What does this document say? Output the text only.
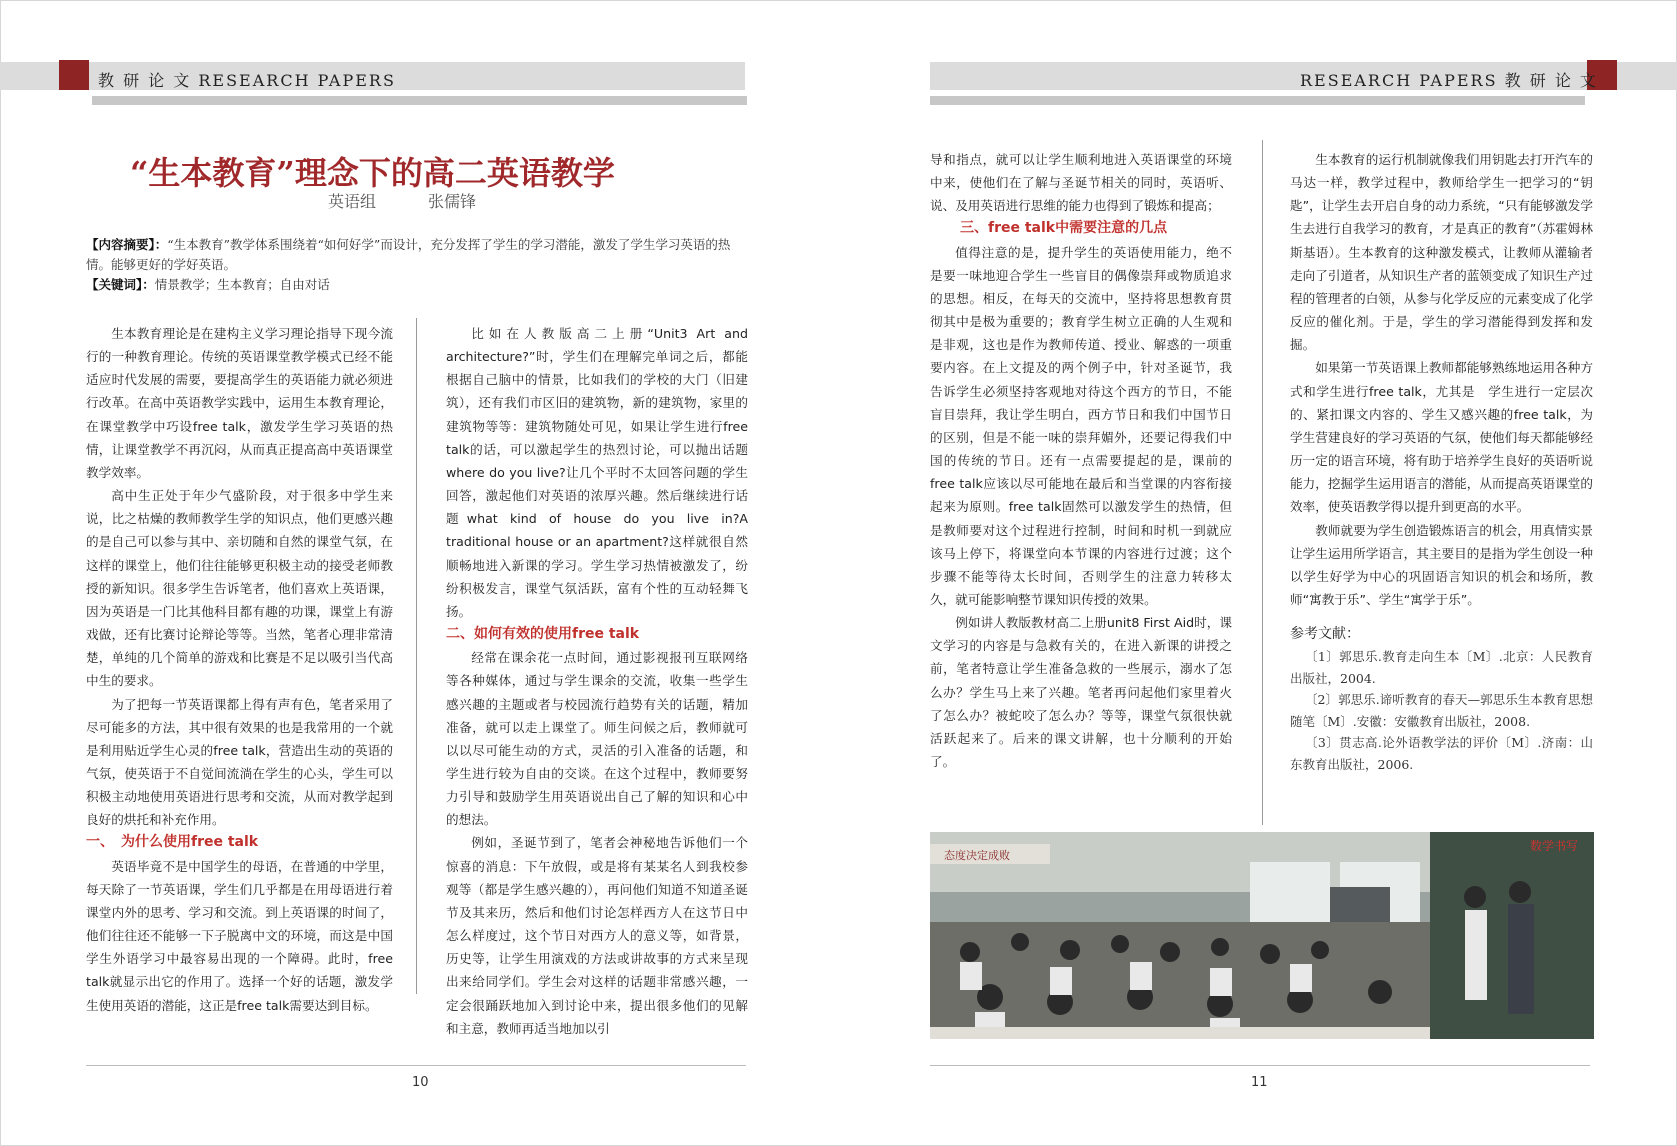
教 研 论 文 RESEARCH PAPERS	RESEARCH PAPERS 教 研 论 文
“生本教育”理念下的高二英语教学
英语组	张儒锋

【内容摘要】：“生本教育”教学体系围绕着“如何好学”而设计，充分发挥了学生的学习潜能，激发了学生学习英语的热情。能够更好的学好英语。

【关键词】：情景教学；生本教育；自由对话

生本教育理论是在建构主义学习理论指导下现今流行的一种教育理论。传统的英语课堂教学模式已经不能适应时代发展的需要，要提高学生的英语能力就必须进行改革。在高中英语教学实践中，运用生本教育理论，在课堂教学中巧设free talk，激发学生学习英语的热情，让课堂教学不再沉闷，从而真正提高高中英语课堂教学效率。

高中生正处于年少气盛阶段，对于很多中学生来说，比之枯燥的教师教学生学的知识点，他们更感兴趣的是自己可以参与其中、亲切随和自然的课堂气氛，在这样的课堂上，他们往往能够更积极主动的接受老师教授的新知识。很多学生告诉笔者，他们喜欢上英语课，因为英语是一门比其他科目都有趣的功课，课堂上有游戏做，还有比赛讨论辩论等等。当然，笔者心理非常清楚，单纯的几个简单的游戏和比赛是不足以吸引当代高中生的要求。

为了把每一节英语课都上得有声有色，笔者采用了尽可能多的方法，其中很有效果的也是我常用的一个就是利用贴近学生心灵的free talk，营造出生动的英语的气氛，使英语于不自觉间流淌在学生的心头，学生可以积极主动地使用英语进行思考和交流，从而对教学起到良好的烘托和补充作用。

一、　为什么使用free talk

英语毕竟不是中国学生的母语，在普通的中学里，每天除了一节英语课，学生们几乎都是在用母语进行着课堂内外的思考、学习和交流。到上英语课的时间了，他们往往还不能够一下子脱离中文的环境，而这是中国学生外语学习中最容易出现的一个障碍。此时，free talk就显示出它的作用了。选择一个好的话题，激发学生使用英语的潜能，这正是free talk需要达到目标。

比如在人教版高二上册“Unit3 Art and architecture?”时，学生们在理解完单词之后，都能根据自己脑中的情景，比如我们的学校的大门（旧建筑），还有我们市区旧的建筑物，新的建筑物，家里的建筑物等等：建筑物随处可见，如果让学生进行free talk的话，可以激起学生的热烈讨论，可以抛出话题where do you live?让几个平时不太回答问题的学生回答，激起他们对英语的浓厚兴趣。然后继续进行话题what kind of house do you live in?A traditional house or an apartment?这样就很自然顺畅地进入新课的学习。学生学习热情被激发了，纷纷积极发言，课堂气氛活跃，富有个性的互动轻舞飞扬。

二、如何有效的使用free talk

经常在课余花一点时间，通过影视报刊互联网络等各种媒体，通过与学生课余的交流，收集一些学生感兴趣的主题或者与校园流行趋势有关的话题，精加准备，就可以走上课堂了。师生问候之后，教师就可以以尽可能生动的方式，灵活的引入准备的话题，和学生进行较为自由的交谈。在这个过程中，教师要努力引导和鼓励学生用英语说出自己了解的知识和心中的想法。

例如，圣诞节到了，笔者会神秘地告诉他们一个惊喜的消息：下午放假，或是将有某某名人到我校参观等（都是学生感兴趣的），再问他们知道不知道圣诞节及其来历，然后和他们讨论怎样西方人在这节日中怎么样度过，这个节日对西方人的意义等，如背景，历史等，让学生用演戏的方法或讲故事的方式来呈现出来给同学们。学生会对这样的话题非常感兴趣，一定会很踊跃地加入到讨论中来，提出很多他们的见解和主意，教师再适当地加以引

导和指点，就可以让学生顺利地进入英语课堂的环境中来，使他们在了解与圣诞节相关的同时，英语听、说、及用英语进行思维的能力也得到了锻炼和提高；

三、free talk中需要注意的几点

值得注意的是，提升学生的英语使用能力，绝不是要一味地迎合学生一些盲目的偶像崇拜或物质追求的思想。相反，在每天的交流中，坚持将思想教育贯彻其中是极为重要的；教育学生树立正确的人生观和是非观，这也是作为教师传道、授业、解惑的一项重要内容。在上文提及的两个例子中，针对圣诞节，我告诉学生必须坚持客观地对待这个西方的节日，不能盲目崇拜，我让学生明白，西方节日和我们中国节日的区别，但是不能一味的崇拜媚外，还要记得我们中国的传统的节日。还有一点需要提起的是，课前的　free talk应该以尽可能地在最后和当堂课的内容衔接起来为原则。free talk固然可以激发学生的热情，但是教师要对这个过程进行控制，时间和时机一到就应该马上停下，将课堂向本节课的内容进行过渡；这个步骤不能等待太长时间，否则学生的注意力转移太久，就可能影响整节课知识传授的效果。

例如讲人教版教材高二上册unit8 First Aid时，课文学习的内容是与急救有关的，在进入新课的讲授之前，笔者特意让学生准备急救的一些展示，溺水了怎么办？学生马上来了兴趣。笔者再问起他们家里着火了怎么办？被蛇咬了怎么办？等等，课堂气氛很快就活跃起来了。后来的课文讲解，也十分顺利的开始了。

生本教育的运行机制就像我们用钥匙去打开汽车的马达一样，教学过程中，教师给学生一把学习的“钥匙”，让学生去开启自身的动力系统，“只有能够激发学生去进行自我学习的教育，才是真正的教育”（苏霍姆林斯基语）。生本教育的这种激发模式，让教师从灌输者走向了引道者，从知识生产者的蓝领变成了知识生产过程的管理者的白领，从参与化学反应的元素变成了化学反应的催化剂。于是，学生的学习潜能得到发挥和发掘。

如果第一节英语课上教师都能够熟练地运用各种方式和学生进行free talk，尤其是　学生进行一定层次的、紧扣课文内容的、学生又感兴趣的free talk，为学生营建良好的学习英语的气氛，使他们每天都能够经历一定的语言环境，将有助于培养学生良好的英语听说能力，挖掘学生运用语言的潜能，从而提高英语课堂的效率，使英语教学得以提升到更高的水平。

教师就要为学生创造锻炼语言的机会，用真情实景让学生运用所学语言，其主要目的是指为学生创设一种以学生好学为中心的巩固语言知识的机会和场所，教师“寓教于乐”、学生“寓学于乐”。

参考文献：

〔1〕郭思乐.教育走向生本〔M〕.北京：人民教育出版社，2004.

〔2〕郭思乐.谛听教育的春天—郭思乐生本教育思想随笔〔M〕.安徽：安徽教育出版社，2008.

〔3〕贯志高.论外语教学法的评价〔M〕.济南：山东教育出版社，2006.

态度决定成败
数学书写
10	11
